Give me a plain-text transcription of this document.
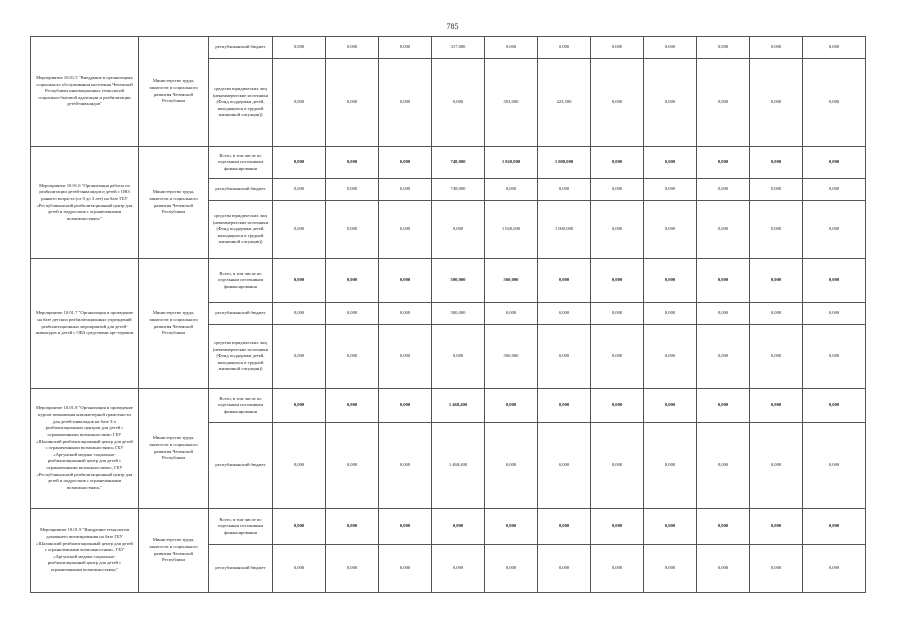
785
Мероприятие 10.01.5 "Внедрение в организациях социального обслуживания населения Чеченской Республики инновационных технологий социально-бытовой адаптации и реабилитации детей-инвалидов"	Министерство труда, занятости и социального развития Чеченской Республики	республиканский бюджет	0,000	0,000	0,000	317,000	0,000	0,000	0,000	0,000	0,000	0,000	0,000
		средства юридических лиц (некоммерческие источники (Фонд поддержки детей, находящихся в трудной жизненной ситуации))	0,000	0,000	0,000	0,000	503,000	423,500	0,000	0,000	0,000	0,000	0,000
Мероприятие 10.01.6 "Организация работы по реабилитации детей-инвалидов и детей с ОВЗ раннего возраста (от 0 до 3 лет) на базе ГБУ «Республиканский реабилитационный центр для детей и подростков с ограниченными возможностями»"	Министерство труда, занятости и социального развития Чеченской Республики	Всего, в том числе по отдельным источникам финансирования	0,000	0,000	0,000	748,000	1 020,000	1 000,000	0,000	0,000	0,000	0,000	0,000
		республиканский бюджет	0,000	0,000	0,000	748,000	0,000	0,000	0,000	0,000	0,000	0,000	0,000
		средства юридических лиц (некоммерческие источники (Фонд поддержки детей, находящихся в трудной жизненной ситуации))	0,000	0,000	0,000	0,000	1 020,000	1 000,000	0,000	0,000	0,000	0,000	0,000
Мероприятие 10.01.7 "Организация и проведение на базе детских реабилитационных учреждений реабилитационных мероприятий для детей-инвалидов и детей с ОВЗ средствами арт-терапии	Министерство труда, занятости и социального развития Чеченской Республики	Всего, в том числе по отдельным источникам финансирования	0,000	0,000	0,000	500,000	560,000	0,000	0,000	0,000	0,000	0,000	0,000
		республиканский бюджет	0,000	0,000	0,000	500,000	0,000	0,000	0,000	0,000	0,000	0,000	0,000
		средства юридических лиц (некоммерческие источники (Фонд поддержки детей, находящихся в трудной жизненной ситуации))	0,000	0,000	0,000	0,000	560,000	0,000	0,000	0,000	0,000	0,000	0,000
Мероприятие 10.01.8 "Организация и проведение курсов повышения компьютерной грамотности для детей-инвалидов на базе 3-х реабилитационных центров для детей с ограниченными возможностями: ГБУ «Шалинский реабилитационный центр для детей с ограниченными возможностями» ГБУ «Аргунский медико-социально-реабилитационный центр для детей с ограниченными возможностями», ГБУ «Республиканский реабилитационный центр для детей и подростков с ограниченными возможностями»"	Министерство труда, занятости и социального развития Чеченской Республики	Всего, в том числе по отдельным источникам финансирования	0,000	0,000	0,000	1 468,400	0,000	0,000	0,000	0,000	0,000	0,000	0,000
		республиканский бюджет	0,000	0,000	0,000	1 468,400	0,000	0,000	0,000	0,000	0,000	0,000	0,000
Мероприятие 10.01.9 "Внедрение технологии домашнего визитирования на базе ГБУ «Шалинский реабилитационный центр для детей с ограниченными возможностями», ГБУ «Аргунский медико-социально-реабилитационный центр для детей с ограниченными возможностями»"	Министерство труда, занятости и социального развития Чеченской Республики	Всего, в том числе по отдельным источникам финансирования	0,000	0,000	0,000	0,000	0,000	0,000	0,000	0,000	0,000	0,000	0,000
		республиканский бюджет	0,000	0,000	0,000	0,000	0,000	0,000	0,000	0,000	0,000	0,000	0,000
